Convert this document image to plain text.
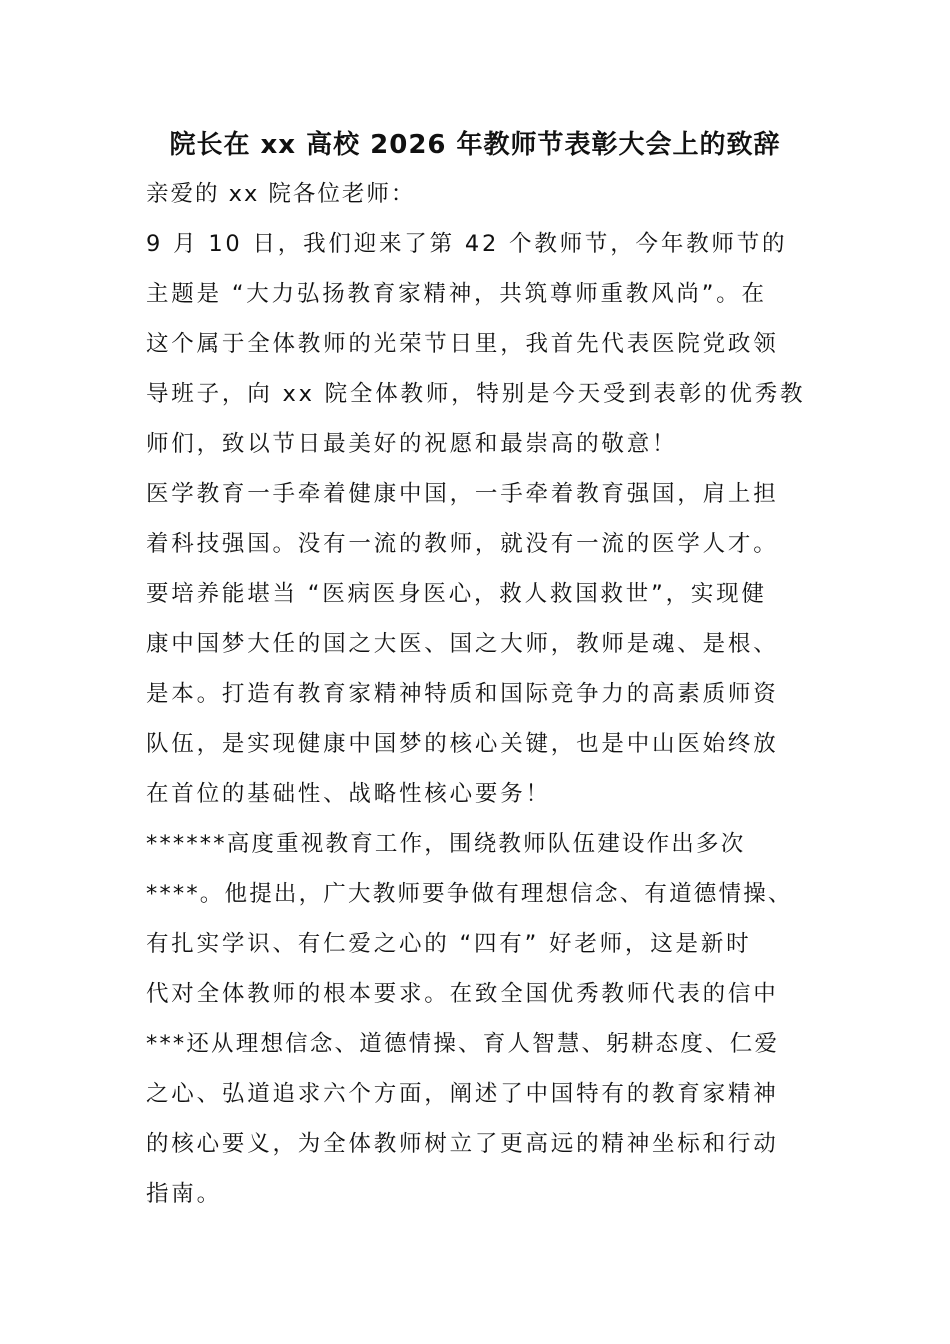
院长在 xx 高校 2026 年教师节表彰大会上的致辞
亲爱的 xx 院各位老师：
9 月 10 日，我们迎来了第 42 个教师节，今年教师节的
主题是 “大力弘扬教育家精神，共筑尊师重教风尚”。在
这个属于全体教师的光荣节日里，我首先代表医院党政领
导班子，向 xx 院全体教师，特别是今天受到表彰的优秀教
师们，致以节日最美好的祝愿和最崇高的敬意！
医学教育一手牵着健康中国，一手牵着教育强国，肩上担
着科技强国。没有一流的教师，就没有一流的医学人才。
要培养能堪当 “医病医身医心，救人救国救世”，实现健
康中国梦大任的国之大医、国之大师，教师是魂、是根、
是本。打造有教育家精神特质和国际竞争力的高素质师资
队伍，是实现健康中国梦的核心关键，也是中山医始终放
在首位的基础性、战略性核心要务！
******高度重视教育工作，围绕教师队伍建设作出多次
****。他提出，广大教师要争做有理想信念、有道德情操、
有扎实学识、有仁爱之心的 “四有” 好老师，这是新时
代对全体教师的根本要求。在致全国优秀教师代表的信中
***还从理想信念、道德情操、育人智慧、躬耕态度、仁爱
之心、弘道追求六个方面，阐述了中国特有的教育家精神
的核心要义，为全体教师树立了更高远的精神坐标和行动
指南。
